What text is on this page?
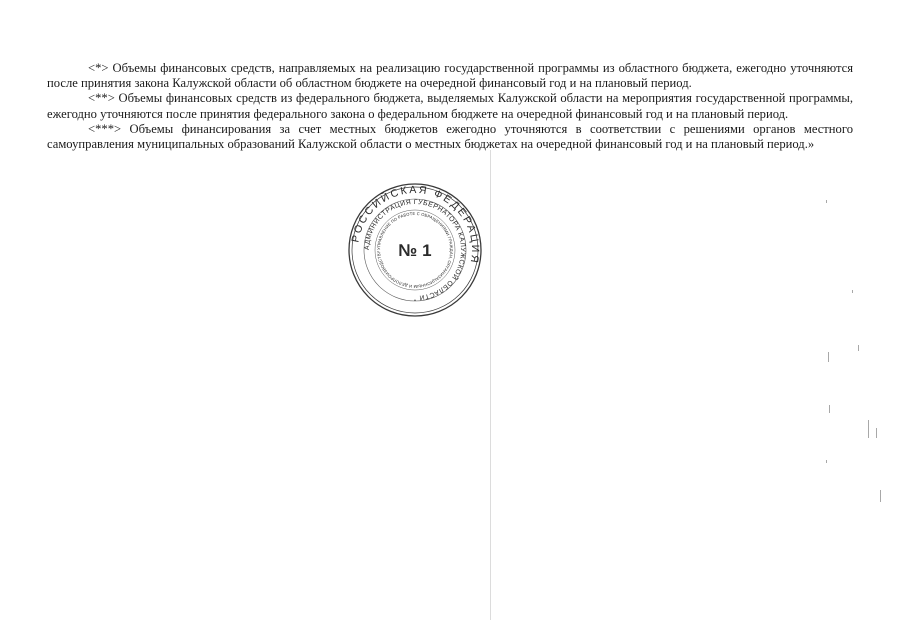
<*> Объемы финансовых средств, направляемых на реализацию государственной программы из областного бюджета, ежегодно уточняются после принятия закона Калужской области об областном бюджете на очередной финансовый год и на плановый период.

<**> Объемы финансовых средств из федерального бюджета, выделяемых Калужской области на мероприятия государственной программы, ежегодно уточняются после принятия федерального закона о федеральном бюджете на очередной финансовый год и на плановый период.

<***> Объемы финансирования за счет местных бюджетов ежегодно уточняются в соответствии с решениями органов местного самоуправления муниципальных образований Калужской области о местных бюджетах на очередной финансовый год и на плановый период.»

РОССИЙСКАЯ ФЕДЕРАЦИЯ
АДМИНИСТРАЦИЯ ГУБЕРНАТОРА КАЛУЖСКОЙ ОБЛАСТИ
УПРАВЛЕНИЕ ПО РАБОТЕ С ОБРАЩЕНИЯМИ ГРАЖДАН, ОРГАНИЗАЦИОННЫМ И ДЕЛОПРОИЗВОДСТВУ	№ 1
•
